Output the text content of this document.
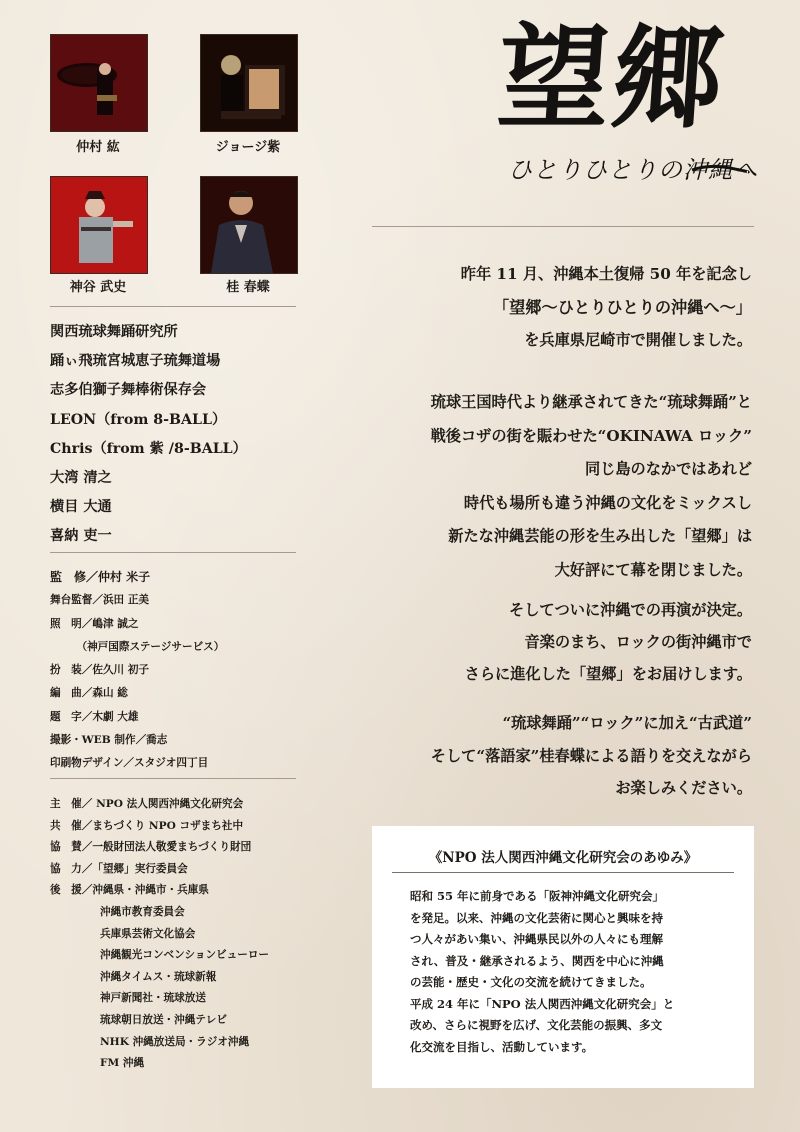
仲村 紘	ジョージ紫
神谷 武史	桂 春蝶
関西琉球舞踊研究所
踊ぃ飛琉宮城恵子琉舞道場
志多伯獅子舞棒術保存会
LEON（from 8-BALL）
Chris（from 紫 /8-BALL）
大湾 清之
横目 大通
喜納 吏一
監　修／仲村 米子
舞台監督／浜田 正美
照　明／嶋津 誠之
　　　（神戸国際ステージサービス）
扮　装／佐久川 初子
編　曲／森山 総
題　字／木劇 大雄
撮影・WEB 制作／喬志
印刷物デザイン／スタジオ四丁目
主　催／ NPO 法人関西沖縄文化研究会
共　催／まちづくり NPO コザまち社中
協　賛／一般財団法人敬愛まちづくり財団
協　力／「望郷」実行委員会
後　援／沖縄県・沖縄市・兵庫県
沖縄市教育委員会
兵庫県芸術文化協会
沖縄観光コンベンションビューロー
沖縄タイムス・琉球新報
神戸新聞社・琉球放送
琉球朝日放送・沖縄テレビ
NHK 沖縄放送局・ラジオ沖縄
FM 沖縄
望郷
ひとりひとりの沖縄へ
昨年 11 月、沖縄本土復帰 50 年を記念し
「望郷～ひとりひとりの沖縄へ～」
を兵庫県尼崎市で開催しました。
琉球王国時代より継承されてきた“琉球舞踊”と
戦後コザの街を賑わせた“OKINAWA ロック”
同じ島のなかではあれど
時代も場所も違う沖縄の文化をミックスし
新たな沖縄芸能の形を生み出した「望郷」は
大好評にて幕を閉じました。
そしてついに沖縄での再演が決定。
音楽のまち、ロックの街沖縄市で
さらに進化した「望郷」をお届けします。
“琉球舞踊”“ロック”に加え“古武道”
そして“落語家”桂春蝶による語りを交えながら
お楽しみください。
《NPO 法人関西沖縄文化研究会のあゆみ》
昭和 55 年に前身である「阪神沖縄文化研究会」
を発足。以来、沖縄の文化芸術に関心と興味を持
つ人々があい集い、沖縄県民以外の人々にも理解
され、普及・継承されるよう、関西を中心に沖縄
の芸能・歴史・文化の交流を続けてきました。
平成 24 年に「NPO 法人関西沖縄文化研究会」と
改め、さらに視野を広げ、文化芸能の振興、多文
化交流を目指し、活動しています。
